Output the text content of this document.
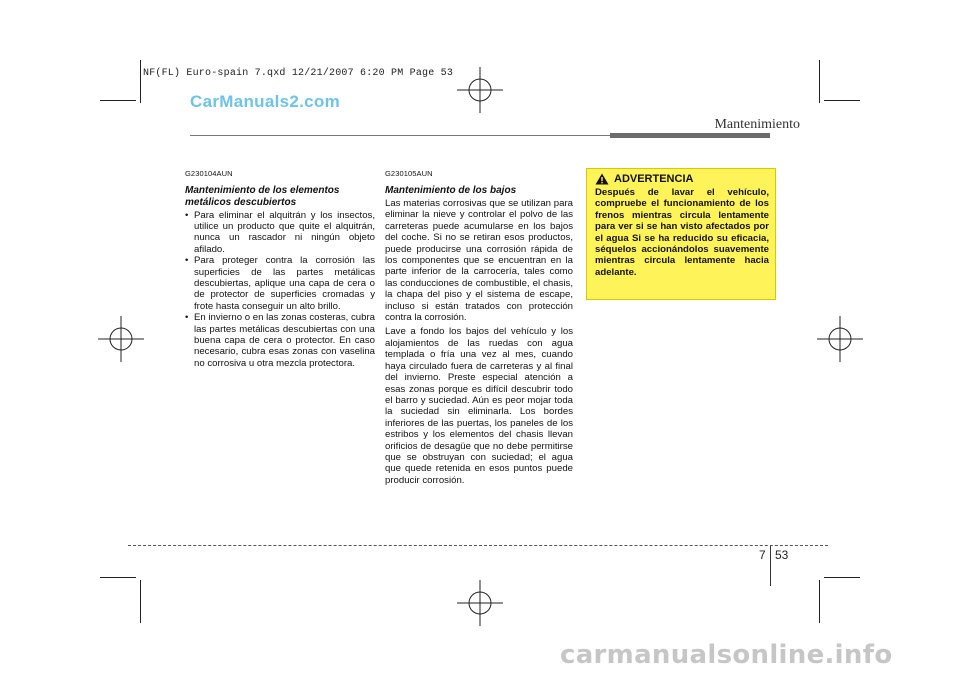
NF(FL) Euro-spain 7.qxd 12/21/2007 6:20 PM Page 53
CarManuals2.com
Mantenimiento
G230104AUN
Mantenimiento de los elementos metálicos descubiertos
• Para eliminar el alquitrán y los insectos, utilice un producto que quite el alquitrán, nunca un rascador ni ningún objeto afilado.
• Para proteger contra la corrosión las superficies de las partes metálicas descubiertas, aplique una capa de cera o de protector de superficies cromadas y frote hasta conseguir un alto brillo.
• En invierno o en las zonas costeras, cubra las partes metálicas descubiertas con una buena capa de cera o protector. En caso necesario, cubra esas zonas con vaselina no corrosiva u otra mezcla protectora.
G230105AUN
Mantenimiento de los bajos

Las materias corrosivas que se utilizan para eliminar la nieve y controlar el polvo de las carreteras puede acumularse en los bajos del coche. Si no se retiran esos productos, puede producirse una corrosión rápida de los componentes que se encuentran en la parte inferior de la carrocería, tales como las conducciones de combustible, el chasis, la chapa del piso y el sistema de escape, incluso si están tratados con protección contra la corrosión.

Lave a fondo los bajos del vehículo y los alojamientos de las ruedas con agua templada o fría una vez al mes, cuando haya circulado fuera de carreteras y al final del invierno. Preste especial atención a esas zonas porque es difícil descubrir todo el barro y suciedad. Aún es peor mojar toda la suciedad sin eliminarla. Los bordes inferiores de las puertas, los paneles de los estribos y los elementos del chasis llevan orificios de desagüe que no debe permitirse que se obstruyan con suciedad; el agua que quede retenida en esos puntos puede producir corrosión.

ADVERTENCIA
Después de lavar el vehículo, compruebe el funcionamiento de los frenos mientras circula lentamente para ver si se han visto afectados por el agua Si se ha reducido su eficacia, séquelos accionándolos suavemente mientras circula lentamente hacia adelante.
7 53
carmanualsonline.info
